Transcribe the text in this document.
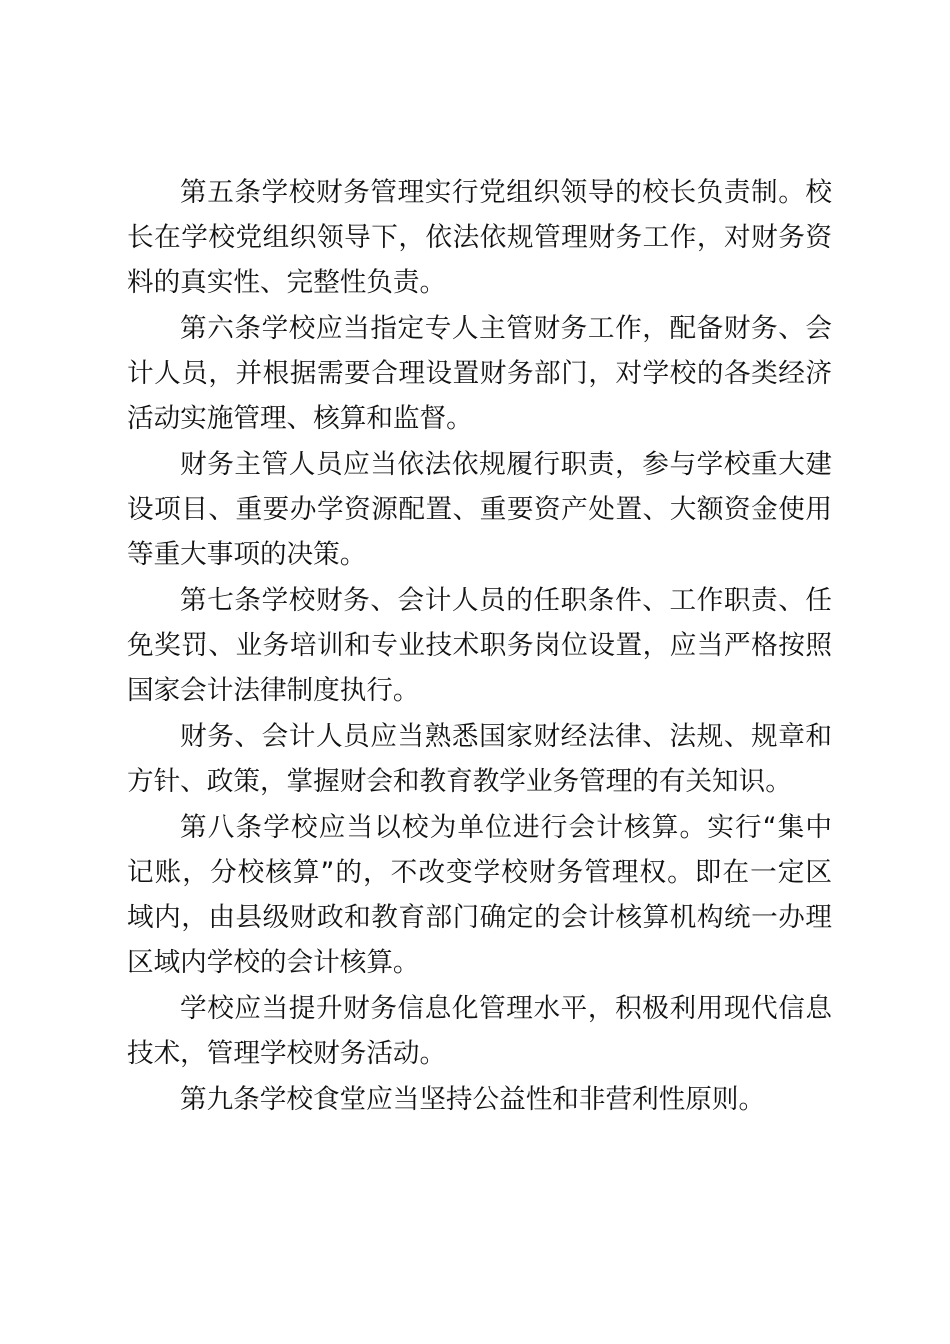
第五条学校财务管理实行党组织领导的校长负责制。校长在学校党组织领导下，依法依规管理财务工作，对财务资料的真实性、完整性负责。

第六条学校应当指定专人主管财务工作，配备财务、会计人员，并根据需要合理设置财务部门，对学校的各类经济活动实施管理、核算和监督。

财务主管人员应当依法依规履行职责，参与学校重大建设项目、重要办学资源配置、重要资产处置、大额资金使用等重大事项的决策。

第七条学校财务、会计人员的任职条件、工作职责、任免奖罚、业务培训和专业技术职务岗位设置，应当严格按照国家会计法律制度执行。

财务、会计人员应当熟悉国家财经法律、法规、规章和方针、政策，掌握财会和教育教学业务管理的有关知识。

第八条学校应当以校为单位进行会计核算。实行“集中记账，分校核算”的，不改变学校财务管理权。即在一定区域内，由县级财政和教育部门确定的会计核算机构统一办理区域内学校的会计核算。

学校应当提升财务信息化管理水平，积极利用现代信息技术，管理学校财务活动。

第九条学校食堂应当坚持公益性和非营利性原则。
